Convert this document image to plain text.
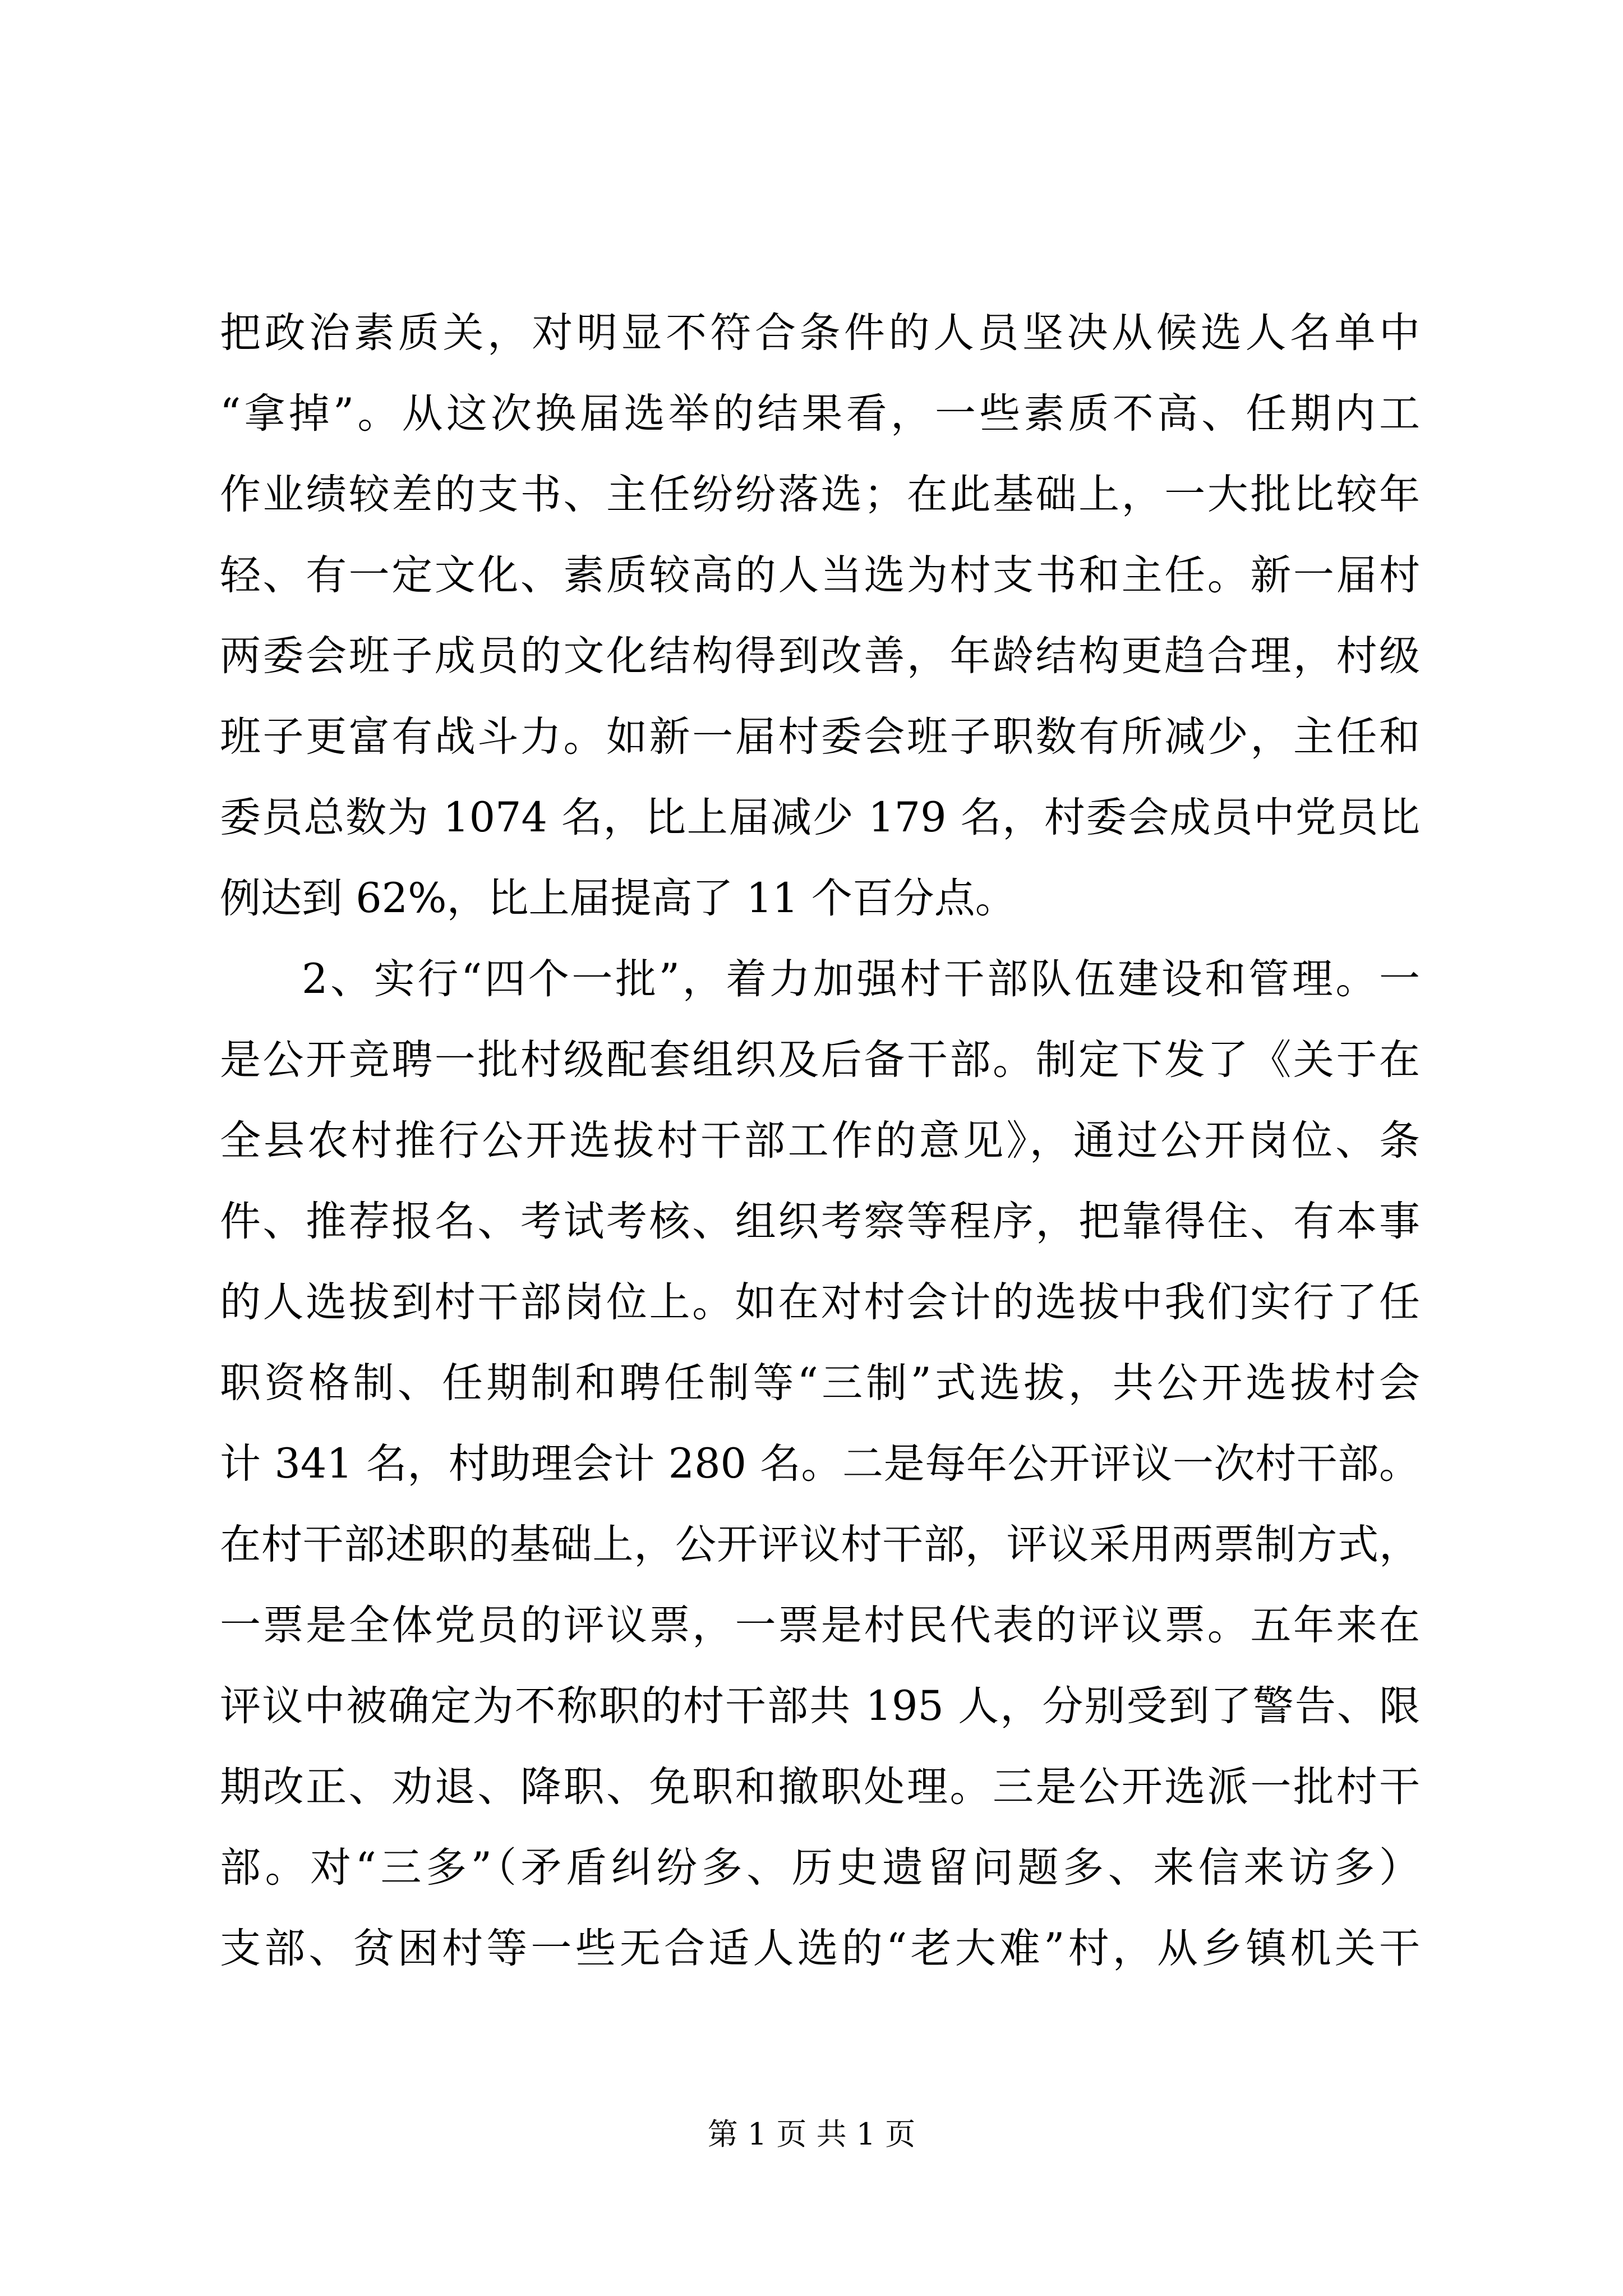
把政治素质关，对明显不符合条件的人员坚决从候选人名单中
“拿掉”。从这次换届选举的结果看，一些素质不高、任期内工
作业绩较差的支书、主任纷纷落选；在此基础上，一大批比较年
轻、有一定文化、素质较高的人当选为村支书和主任。新一届村
两委会班子成员的文化结构得到改善，年龄结构更趋合理，村级
班子更富有战斗力。如新一届村委会班子职数有所减少，主任和
委员总数为 1074 名，比上届减少 179 名，村委会成员中党员比
例达到 62%，比上届提高了 11 个百分点。
2、实行“四个一批”，着力加强村干部队伍建设和管理。一
是公开竞聘一批村级配套组织及后备干部。制定下发了《关于在
全县农村推行公开选拔村干部工作的意见》，通过公开岗位、条
件、推荐报名、考试考核、组织考察等程序，把靠得住、有本事
的人选拔到村干部岗位上。如在对村会计的选拔中我们实行了任
职资格制、任期制和聘任制等“三制”式选拔，共公开选拔村会
计 341 名，村助理会计 280 名。二是每年公开评议一次村干部。
在村干部述职的基础上，公开评议村干部，评议采用两票制方式，
一票是全体党员的评议票，一票是村民代表的评议票。五年来在
评议中被确定为不称职的村干部共 195 人，分别受到了警告、限
期改正、劝退、降职、免职和撤职处理。三是公开选派一批村干
部。对“三多”（矛盾纠纷多、历史遗留问题多、来信来访多）
支部、贫困村等一些无合适人选的“老大难”村，从乡镇机关干
第 1 页 共 1 页
